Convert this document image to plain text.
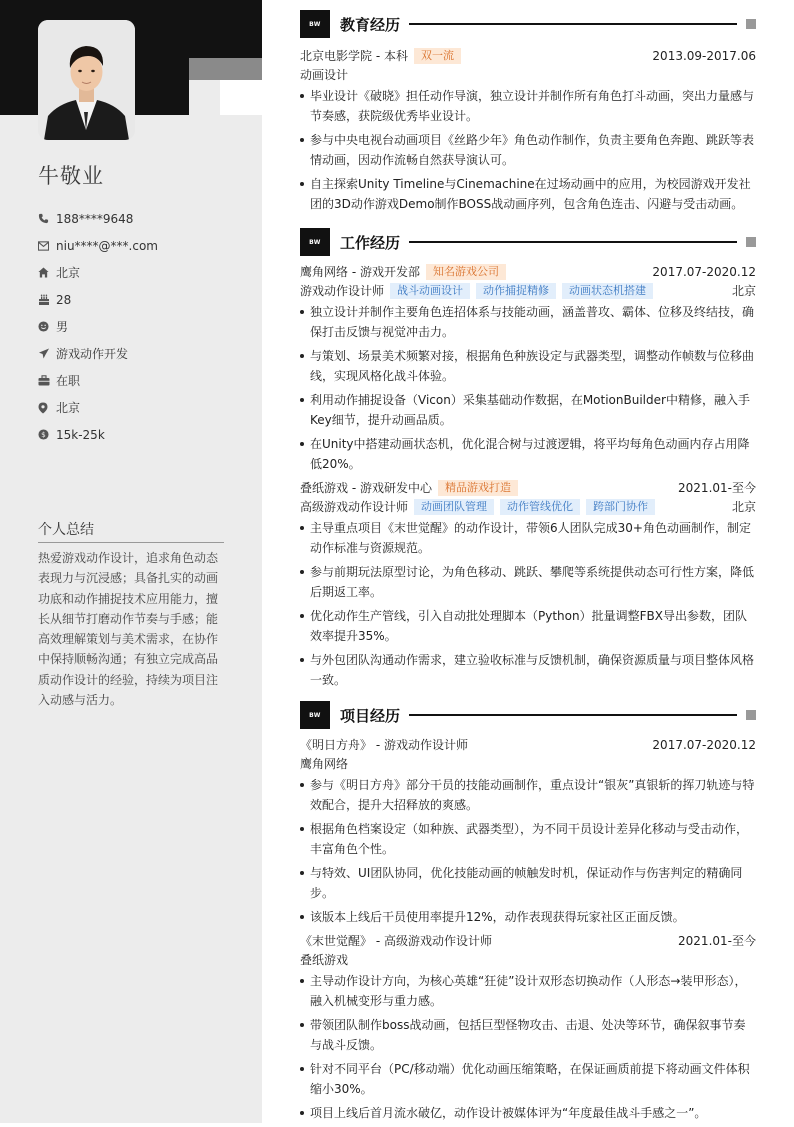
牛敬业
188****9648
niu****@***.com
北京
28
男
游戏动作开发
在职
北京
$ 15k-25k
个人总结
热爱游戏动作设计，追求角色动态表现力与沉浸感；具备扎实的动画功底和动作捕捉技术应用能力，擅长从细节打磨动作节奏与手感；能高效理解策划与美术需求，在协作中保持顺畅沟通；有独立完成高品质动作设计的经验，持续为项目注入动感与活力。
BW	教育经历
北京电影学院 - 本科	双一流	2013.09-2017.06
动画设计
毕业设计《破晓》担任动作导演，独立设计并制作所有角色打斗动画，突出力量感与节奏感，获院级优秀毕业设计。
参与中央电视台动画项目《丝路少年》角色动作制作，负责主要角色奔跑、跳跃等表情动画，因动作流畅自然获导演认可。
自主探索Unity Timeline与Cinemachine在过场动画中的应用，为校园游戏开发社团的3D动作游戏Demo制作BOSS战动画序列，包含角色连击、闪避与受击动画。
BW	工作经历
鹰角网络 - 游戏开发部	知名游戏公司	2017.07-2020.12
游戏动作设计师	战斗动画设计	动作捕捉精修	动画状态机搭建	北京
独立设计并制作主要角色连招体系与技能动画，涵盖普攻、霸体、位移及终结技，确保打击反馈与视觉冲击力。
与策划、场景美术频繁对接，根据角色种族设定与武器类型，调整动作帧数与位移曲线，实现风格化战斗体验。
利用动作捕捉设备（Vicon）采集基础动作数据，在MotionBuilder中精修，融入手Key细节，提升动画品质。
在Unity中搭建动画状态机，优化混合树与过渡逻辑，将平均每角色动画内存占用降低20%。
叠纸游戏 - 游戏研发中心	精品游戏打造	2021.01-至今
高级游戏动作设计师	动画团队管理	动作管线优化	跨部门协作	北京
主导重点项目《末世觉醒》的动作设计，带领6人团队完成30+角色动画制作，制定动作标准与资源规范。
参与前期玩法原型讨论，为角色移动、跳跃、攀爬等系统提供动态可行性方案，降低后期返工率。
优化动作生产管线，引入自动批处理脚本（Python）批量调整FBX导出参数，团队效率提升35%。
与外包团队沟通动作需求，建立验收标准与反馈机制，确保资源质量与项目整体风格一致。
BW	项目经历
《明日方舟》 - 游戏动作设计师	2017.07-2020.12
鹰角网络
参与《明日方舟》部分干员的技能动画制作，重点设计“银灰”真银斩的挥刀轨迹与特效配合，提升大招释放的爽感。
根据角色档案设定（如种族、武器类型），为不同干员设计差异化移动与受击动作，丰富角色个性。
与特效、UI团队协同，优化技能动画的帧触发时机，保证动作与伤害判定的精确同步。
该版本上线后干员使用率提升12%，动作表现获得玩家社区正面反馈。
《末世觉醒》 - 高级游戏动作设计师	2021.01-至今
叠纸游戏
主导动作设计方向，为核心英雄“狂徒”设计双形态切换动作（人形态→装甲形态），融入机械变形与重力感。
带领团队制作boss战动画，包括巨型怪物攻击、击退、处决等环节，确保叙事节奏与战斗反馈。
针对不同平台（PC/移动端）优化动画压缩策略，在保证画质前提下将动画文件体积缩小30%。
项目上线后首月流水破亿，动作设计被媒体评为“年度最佳战斗手感之一”。
